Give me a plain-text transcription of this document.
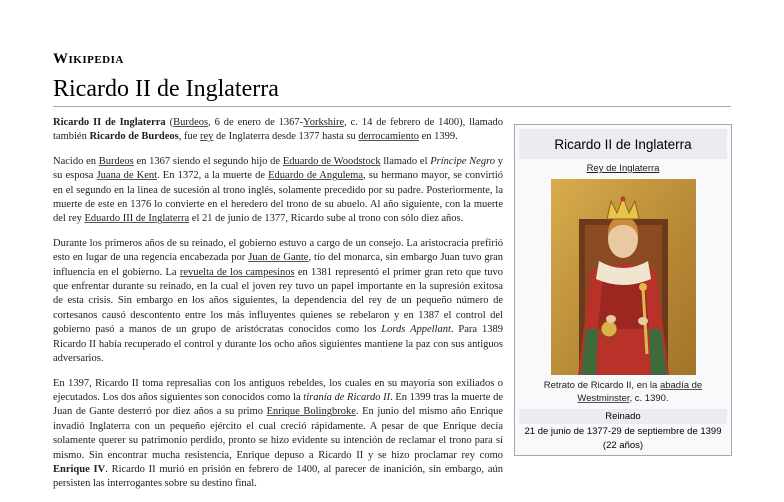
Wikipedia
Ricardo II de Inglaterra

Ricardo II de Inglaterra (Burdeos, 6 de enero de 1367-Yorkshire, c. 14 de febrero de 1400), llamado también Ricardo de Burdeos, fue rey de Inglaterra desde 1377 hasta su derrocamiento en 1399.

Nacido en Burdeos en 1367 siendo el segundo hijo de Eduardo de Woodstock llamado el Príncipe Negro y su esposa Juana de Kent. En 1372, a la muerte de Eduardo de Angulema, su hermano mayor, se convirtió en el segundo en la línea de sucesión al trono inglés, solamente precedido por su padre. Posteriormente, la muerte de este en 1376 lo convierte en el heredero del trono de su abuelo. Al año siguiente, con la muerte del rey Eduardo III de Inglaterra el 21 de junio de 1377, Ricardo sube al trono con sólo diez años.

Durante los primeros años de su reinado, el gobierno estuvo a cargo de un consejo. La aristocracia prefirió esto en lugar de una regencia encabezada por Juan de Gante, tío del monarca, sin embargo Juan tuvo gran influencia en el gobierno. La revuelta de los campesinos en 1381 representó el primer gran reto que tuvo que enfrentar durante su reinado, en la cual el joven rey tuvo un papel importante en la supresión exitosa de esta crisis. Sin embargo en los años siguientes, la dependencia del rey de un pequeño número de cortesanos causó descontento entre los más influyentes quienes se rebelaron y en 1387 el control del gobierno pasó a manos de un grupo de aristócratas conocidos como los Lords Appellant. Para 1389 Ricardo II había recuperado el control y durante los ocho años siguientes mantiene la paz con sus antiguos adversarios.

En 1397, Ricardo II toma represalias con los antiguos rebeldes, los cuales en su mayoría son exiliados o ejecutados. Los dos años siguientes son conocidos como la tiranía de Ricardo II. En 1399 tras la muerte de Juan de Gante desterró por diez años a su primo Enrique Bolingbroke. En junio del mismo año Enrique invadió Inglaterra con un pequeño ejército el cual creció rápidamente. A pesar de que Enrique decía solamente querer su patrimonio perdido, pronto se hizo evidente su intención de reclamar el trono para sí mismo. Sin encontrar mucha resistencia, Enrique depuso a Ricardo II y se hizo proclamar rey como Enrique IV. Ricardo II murió en prisión en febrero de 1400, al parecer de inanición, sin embargo, aún persisten las interrogantes sobre su destino final.

Ricardo II de Inglaterra
Rey de Inglaterra
Retrato de Ricardo II, en la abadía de Westminster, c. 1390.
Reinado
21 de junio de 1377-29 de septiembre de 1399
(22 años)
